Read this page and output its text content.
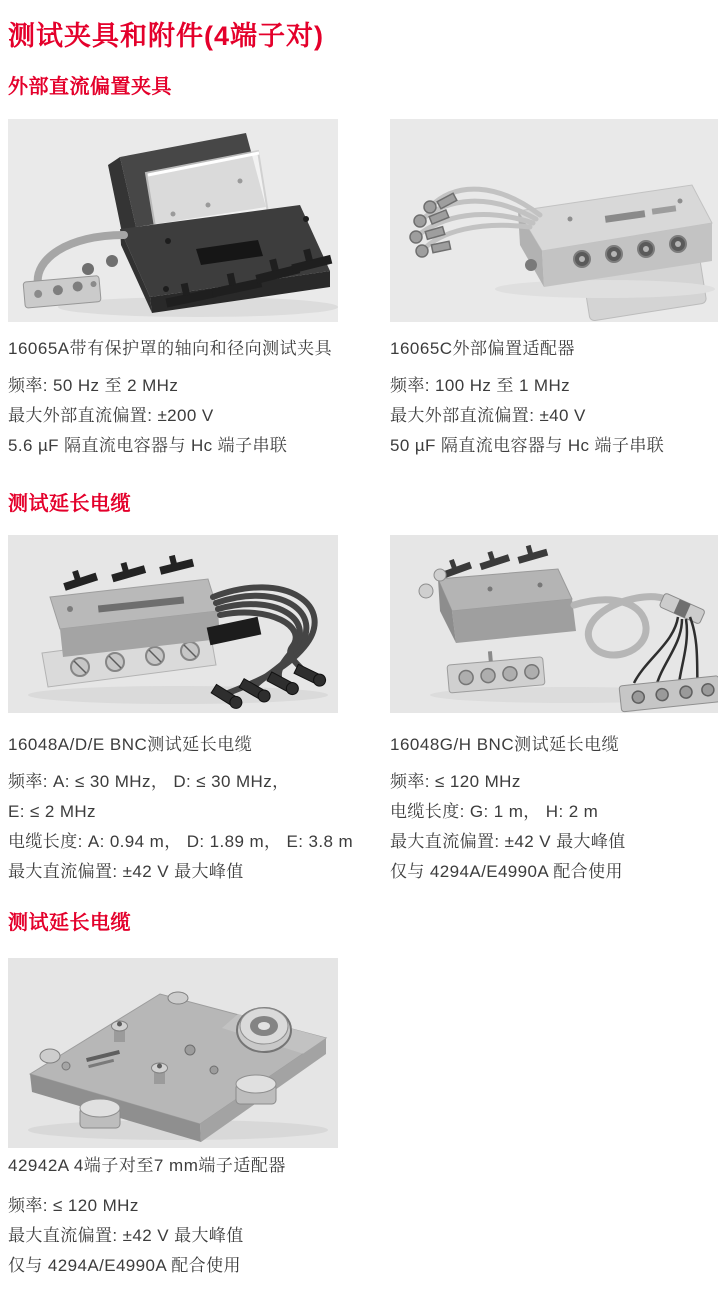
测试夹具和附件(4端子对)
外部直流偏置夹具
测试延长电缆
测试延长电缆
16065A带有保护罩的轴向和径向测试夹具	16065C外部偏置适配器
16048A/D/E BNC测试延长电缆	16048G/H BNC测试延长电缆
42942A 4端子对至7 mm端子适配器
频率: 50 Hz 至 2 MHz
最大外部直流偏置: ±200 V
5.6 µF 隔直流电容器与 Hc 端子串联
频率: 100 Hz 至 1 MHz
最大外部直流偏置: ±40 V
50 µF 隔直流电容器与 Hc 端子串联
频率: A: ≤ 30 MHz， D: ≤ 30 MHz，
E: ≤ 2 MHz
电缆长度: A: 0.94 m， D: 1.89 m， E: 3.8 m
最大直流偏置: ±42 V 最大峰值
频率: ≤ 120 MHz
电缆长度: G: 1 m， H: 2 m
最大直流偏置: ±42 V 最大峰值
仅与 4294A/E4990A 配合使用
频率: ≤ 120 MHz
最大直流偏置: ±42 V 最大峰值
仅与 4294A/E4990A 配合使用
